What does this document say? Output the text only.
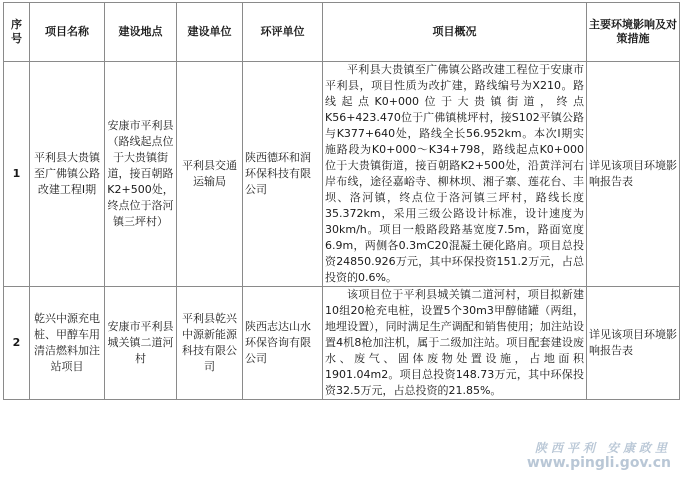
序号	项目名称	建设地点	建设单位	环评单位	项目概况	主要环境影响及对策措施
1	平利县大贵镇至广佛镇公路改建工程Ⅰ期	安康市平利县（路线起点位于大贵镇街道，接百朝路K2+500处，终点位于洛河镇三坪村）	平利县交通运输局	陕西德环和润环保科技有限公司	平利县大贵镇至广佛镇公路改建工程位于安康市平利县，项目性质为改扩建，路线编号为X210。路线起点K0+000位于大贵镇街道，终点K56+423.470位于广佛镇桃坪村，接S102平镇公路与K377+640处，路线全长56.952km。本次Ⅰ期实施路段为K0+000～K34+798，路线起点K0+000位于大贵镇街道，接百朝路K2+500处，沿黄洋河右岸布线，途径嘉峪寺、柳林坝、湘子寨、莲花台、丰坝、洛河镇，终点位于洛河镇三坪村，路线长度35.372km，采用三级公路设计标准，设计速度为30km/h。项目一般路段路基宽度7.5m，路面宽度6.9m，两侧各0.3mC20混凝土硬化路肩。项目总投资24850.926万元，其中环保投资151.2万元，占总投资的0.6%。	详见该项目环境影响报告表
2	乾兴中源充电桩、甲醇车用清洁燃料加注站项目	安康市平利县城关镇二道河村	平利县乾兴中源新能源科技有限公司	陕西志达山水环保咨询有限公司	该项目位于平利县城关镇二道河村，项目拟新建10组20枪充电桩，设置5个30m3甲醇储罐（两组，地埋设置），同时满足生产调配和销售使用；加注站设置4机8枪加注机，属于二级加注站。项目配套建设废水、废气、固体废物处置设施，占地面积1901.04m2。项目总投资148.73万元，其中环保投资32.5万元，占总投资的21.85%。	详见该项目环境影响报告表
陕西平利 安康政里
www.pingli.gov.cn
